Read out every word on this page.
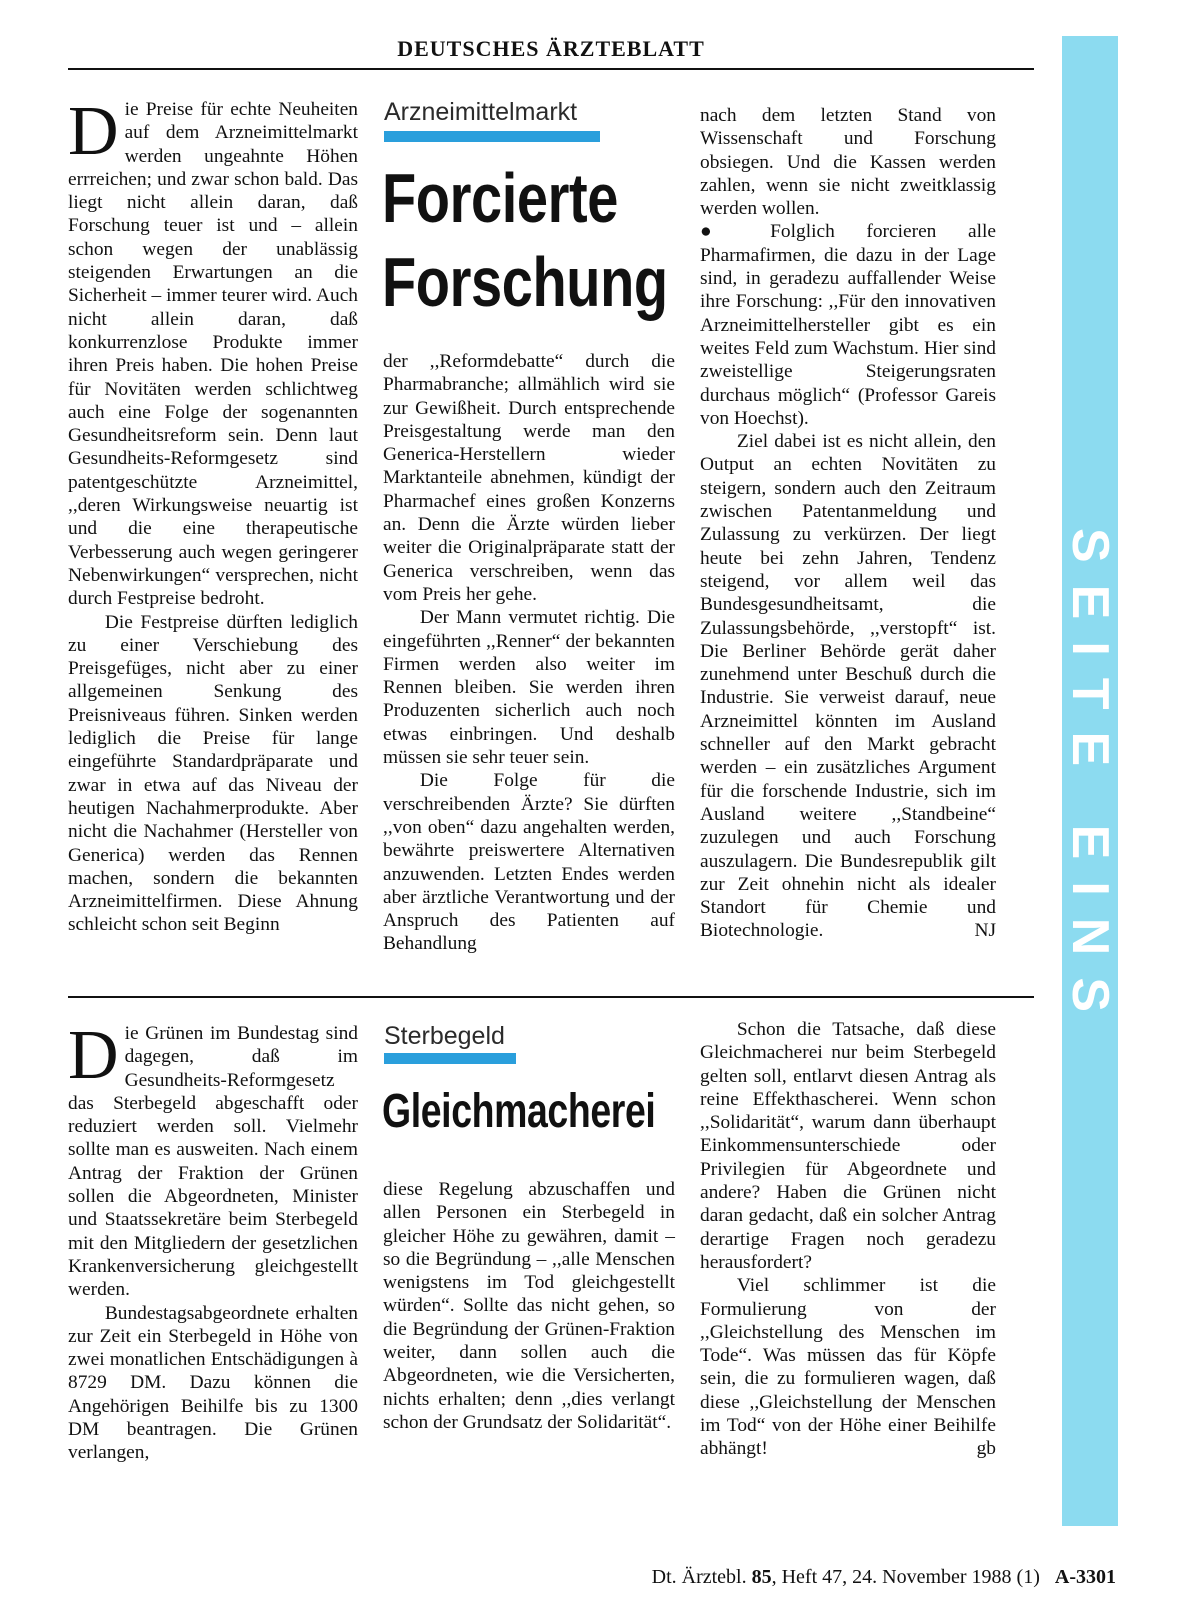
DEUTSCHES ÄRZTEBLATT
D ie Preise für echte Neuheiten auf dem Arzneimittelmarkt werden ungeahnte Höhen errreichen; und zwar schon bald. Das liegt nicht allein daran, daß Forschung teuer ist und – allein schon wegen der unablässig steigenden Erwartungen an die Sicherheit – immer teurer wird. Auch nicht allein daran, daß konkurrenzlose Produkte immer ihren Preis haben. Die hohen Preise für Novitäten werden schlichtweg auch eine Folge der sogenannten Gesundheitsreform sein. Denn laut Gesundheits-Reformgesetz sind patentgeschützte Arzneimittel, ,,deren Wirkungsweise neuartig ist und die eine therapeutische Verbesserung auch wegen geringerer Nebenwirkungen“ versprechen, nicht durch Festpreise bedroht.

Die Festpreise dürften lediglich zu einer Verschiebung des Preisgefüges, nicht aber zu einer allgemeinen Senkung des Preisniveaus führen. Sinken werden lediglich die Preise für lange eingeführte Standardpräparate und zwar in etwa auf das Niveau der heutigen Nachahmerprodukte. Aber nicht die Nachahmer (Hersteller von Generica) werden das Rennen machen, sondern die bekannten Arzneimittelfirmen. Diese Ahnung schleicht schon seit Beginn

Arzneimittelmarkt
Forcierte
Forschung

der ,,Reformdebatte“ durch die Pharmabranche; allmählich wird sie zur Gewißheit. Durch entsprechende Preisgestaltung werde man den Generica-Herstellern wieder Marktanteile abnehmen, kündigt der Pharmachef eines großen Konzerns an. Denn die Ärzte würden lieber weiter die Originalpräparate statt der Generica verschreiben, wenn das vom Preis her gehe.

Der Mann vermutet richtig. Die eingeführten ,,Renner“ der bekannten Firmen werden also weiter im Rennen bleiben. Sie werden ihren Produzenten sicherlich auch noch etwas einbringen. Und deshalb müssen sie sehr teuer sein.

Die Folge für die verschreibenden Ärzte? Sie dürften ,,von oben“ dazu angehalten werden, bewährte preiswertere Alternativen anzuwenden. Letzten Endes werden aber ärztliche Verantwortung und der Anspruch des Patienten auf Behandlung

nach dem letzten Stand von Wissenschaft und Forschung obsiegen. Und die Kassen werden zahlen, wenn sie nicht zweitklassig werden wollen.

● Folglich forcieren alle Pharmafirmen, die dazu in der Lage sind, in geradezu auffallender Weise ihre Forschung: ,,Für den innovativen Arzneimittelhersteller gibt es ein weites Feld zum Wachstum. Hier sind zweistellige Steigerungsraten durchaus möglich“ (Professor Gareis von Hoechst).

Ziel dabei ist es nicht allein, den Output an echten Novitäten zu steigern, sondern auch den Zeitraum zwischen Patentanmeldung und Zulassung zu verkürzen. Der liegt heute bei zehn Jahren, Tendenz steigend, vor allem weil das Bundesgesundheitsamt, die Zulassungsbehörde, ,,verstopft“ ist. Die Berliner Behörde gerät daher zunehmend unter Beschuß durch die Industrie. Sie verweist darauf, neue Arzneimittel könnten im Ausland schneller auf den Markt gebracht werden – ein zusätzliches Argument für die forschende Industrie, sich im Ausland weitere ,,Standbeine“ zuzulegen und auch Forschung auszulagern. Die Bundesrepublik gilt zur Zeit ohnehin nicht als idealer Standort für Chemie und Biotechnologie.	NJ

D ie Grünen im Bundestag sind dagegen, daß im Gesundheits-Reformgesetz das Sterbegeld abgeschafft oder reduziert werden soll. Vielmehr sollte man es ausweiten. Nach einem Antrag der Fraktion der Grünen sollen die Abgeordneten, Minister und Staatssekretäre beim Sterbegeld mit den Mitgliedern der gesetzlichen Krankenversicherung gleichgestellt werden.

Bundestagsabgeordnete erhalten zur Zeit ein Sterbegeld in Höhe von zwei monatlichen Entschädigungen à 8729 DM. Dazu können die Angehörigen Beihilfe bis zu 1300 DM beantragen. Die Grünen verlangen,

Sterbegeld
Gleichmacherei

diese Regelung abzuschaffen und allen Personen ein Sterbegeld in gleicher Höhe zu gewähren, damit – so die Begründung – ,,alle Menschen wenigstens im Tod gleichgestellt würden“. Sollte das nicht gehen, so die Begründung der Grünen-Fraktion weiter, dann sollen auch die Abgeordneten, wie die Versicherten, nichts erhalten; denn ,,dies verlangt schon der Grundsatz der Solidarität“.

Schon die Tatsache, daß diese Gleichmacherei nur beim Sterbegeld gelten soll, entlarvt diesen Antrag als reine Effekthascherei. Wenn schon ,,Solidarität“, warum dann überhaupt Einkommensunterschiede oder Privilegien für Abgeordnete und andere? Haben die Grünen nicht daran gedacht, daß ein solcher Antrag derartige Fragen noch geradezu herausfordert?

Viel schlimmer ist die Formulierung von der ,,Gleichstellung des Menschen im Tode“. Was müssen das für Köpfe sein, die zu formulieren wagen, daß diese ,,Gleichstellung der Menschen im Tod“ von der Höhe einer Beihilfe abhängt!	gb

SEITE EINS
Dt. Ärztebl. 85, Heft 47, 24. November 1988 (1) A-3301
